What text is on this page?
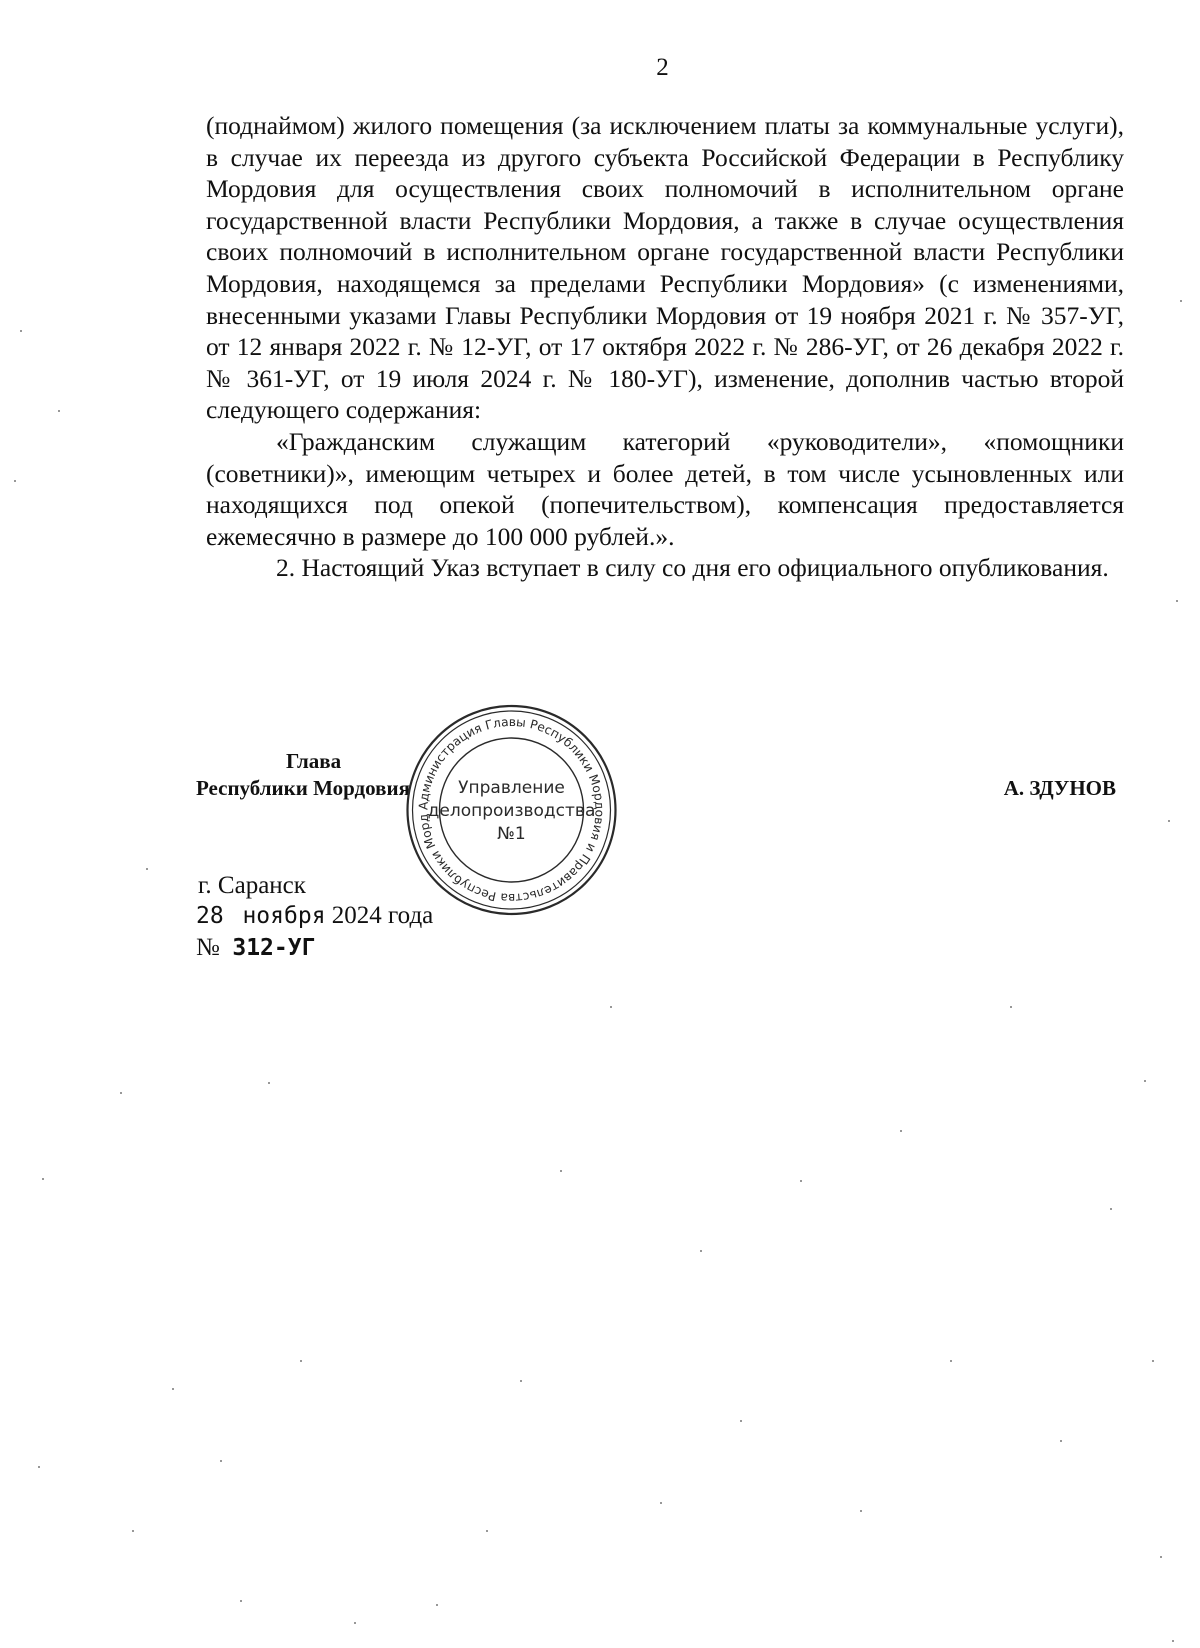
2

(поднаймом) жилого помещения (за исключением платы за коммунальные услуги), в случае их переезда из другого субъекта Российской Федерации в Республику Мордовия для осуществления своих полномочий в исполнительном органе государственной власти Республики Мордовия, а также в случае осуществления своих полномочий в исполнительном органе государственной власти Республики Мордовия, находящемся за пределами Республики Мордовия» (с изменениями, внесенными указами Главы Республики Мордовия от 19 ноября 2021 г. № 357-УГ, от 12 января 2022 г. № 12-УГ, от 17 октября 2022 г. № 286-УГ, от 26 декабря 2022 г. № 361-УГ, от 19 июля 2024 г. № 180-УГ), изменение, дополнив частью второй следующего содержания:

«Гражданским служащим категорий «руководители», «помощники (советники)», имеющим четырех и более детей, в том числе усыновленных или находящихся под опекой (попечительством), компенсация предоставляется ежемесячно в размере до 100 000 рублей.».

2. Настоящий Указ вступает в силу со дня его официального опубликования.

Глава
Республики Мордовия	А. ЗДУНОВ
Администрация Главы Республики Мордовия и Правительства Республики Морд
Управление
делопроизводства
№1
г. Саранск
28 ноября 2024 года
№ 312-УГ
